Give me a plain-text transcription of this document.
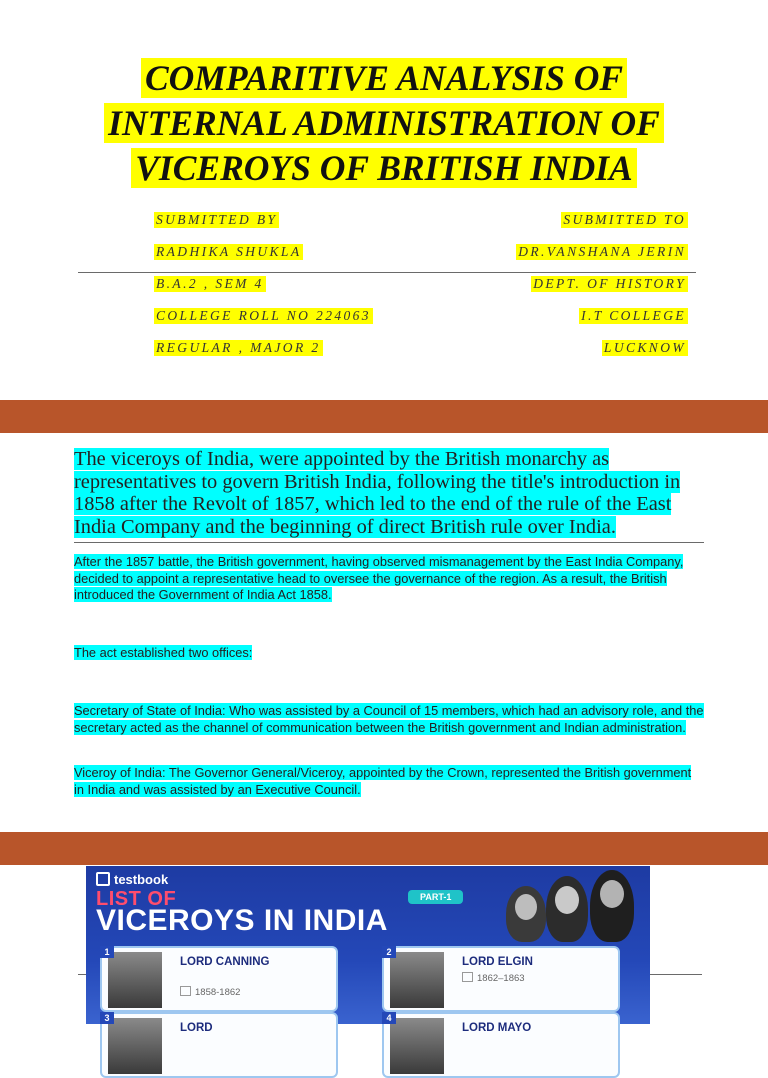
COMPARITIVE ANALYSIS OF
INTERNAL ADMINISTRATION OF
VICEROYS OF BRITISH INDIA
SUBMITTED BY	SUBMITTED TO
RADHIKA SHUKLA	DR.VANSHANA JERIN
B.A.2 , SEM 4	DEPT. OF HISTORY
COLLEGE ROLL NO 224063	I.T COLLEGE
REGULAR , MAJOR 2	LUCKNOW
The viceroys of India, were appointed by the British monarchy as representatives to govern British India, following the title's introduction in 1858 after the Revolt of 1857, which led to the end of the rule of the East India Company and the beginning of direct British rule over India.
After the 1857 battle, the British government, having observed mismanagement by the East India Company, decided to appoint a representative head to oversee the governance of the region. As a result, the British introduced the Government of India Act 1858.
The act established two offices:
Secretary of State of India: Who was assisted by a Council of 15 members, which had an advisory role, and the secretary acted as the channel of communication between the British government and Indian administration.
Viceroy of India: The Governor General/Viceroy, appointed by the Crown, represented the British government in India and was assisted by an Executive Council.
testbook
LIST OF
VICEROYS IN INDIA
PART-1
1
LORD CANNING
1858-1862
2
LORD ELGIN
1862–1863
3
LORD
4
LORD MAYO
